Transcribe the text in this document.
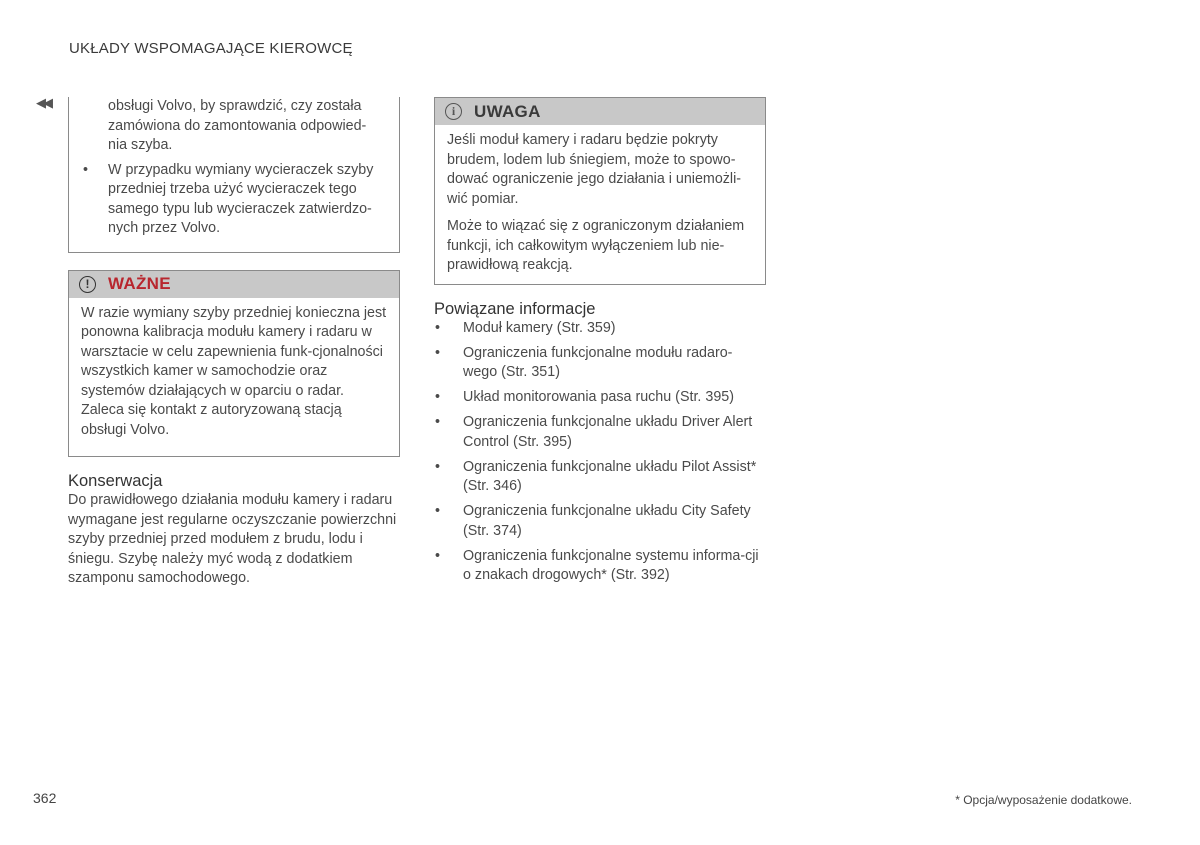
UKŁADY WSPOMAGAJĄCE KIEROWCĘ
◀◀	obsługi Volvo, by sprawdzić, czy została zamówiona do zamontowania odpowied-nia szyba.
• W przypadku wymiany wycieraczek szyby przedniej trzeba użyć wycieraczek tego samego typu lub wycieraczek zatwierdzo-nych przez Volvo.
!	WAŻNE

W razie wymiany szyby przedniej konieczna jest ponowna kalibracja modułu kamery i radaru w warsztacie w celu zapewnienia funk-cjonalności wszystkich kamer w samochodzie oraz systemów działających w oparciu o radar. Zaleca się kontakt z autoryzowaną stacją obsługi Volvo.

Konserwacja

Do prawidłowego działania modułu kamery i radaru wymagane jest regularne oczyszczanie powierzchni szyby przedniej przed modułem z brudu, lodu i śniegu. Szybę należy myć wodą z dodatkiem szamponu samochodowego.

i	UWAGA

Jeśli moduł kamery i radaru będzie pokryty brudem, lodem lub śniegiem, może to spowo-dować ograniczenie jego działania i uniemożli-wić pomiar.

Może to wiązać się z ograniczonym działaniem funkcji, ich całkowitym wyłączeniem lub nie-prawidłową reakcją.

Powiązane informacje
• Moduł kamery (Str. 359)
• Ograniczenia funkcjonalne modułu radaro-wego (Str. 351)
• Układ monitorowania pasa ruchu (Str. 395)
• Ograniczenia funkcjonalne układu Driver Alert Control (Str. 395)
• Ograniczenia funkcjonalne układu Pilot Assist* (Str. 346)
• Ograniczenia funkcjonalne układu City Safety (Str. 374)
• Ograniczenia funkcjonalne systemu informa-cji o znakach drogowych* (Str. 392)
362	* Opcja/wyposażenie dodatkowe.
